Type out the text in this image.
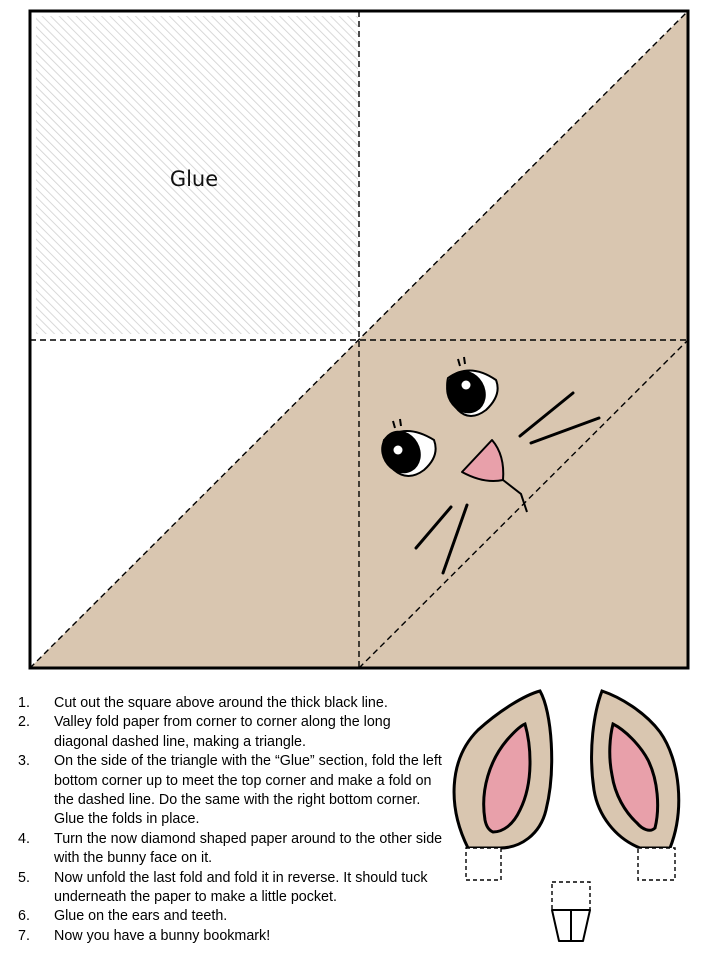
Glue
1. Cut out the square above around the thick black line.
2. Valley fold paper from corner to corner along the long diagonal dashed line, making a triangle.
3. On the side of the triangle with the “Glue” section, fold the left bottom corner up to meet the top corner and make a fold on the dashed line. Do the same with the right bottom corner. Glue the folds in place.
4. Turn the now diamond shaped paper around to the other side with the bunny face on it.
5. Now unfold the last fold and fold it in reverse. It should tuck underneath the paper to make a little pocket.
6. Glue on the ears and teeth.
7. Now you have a bunny bookmark!
